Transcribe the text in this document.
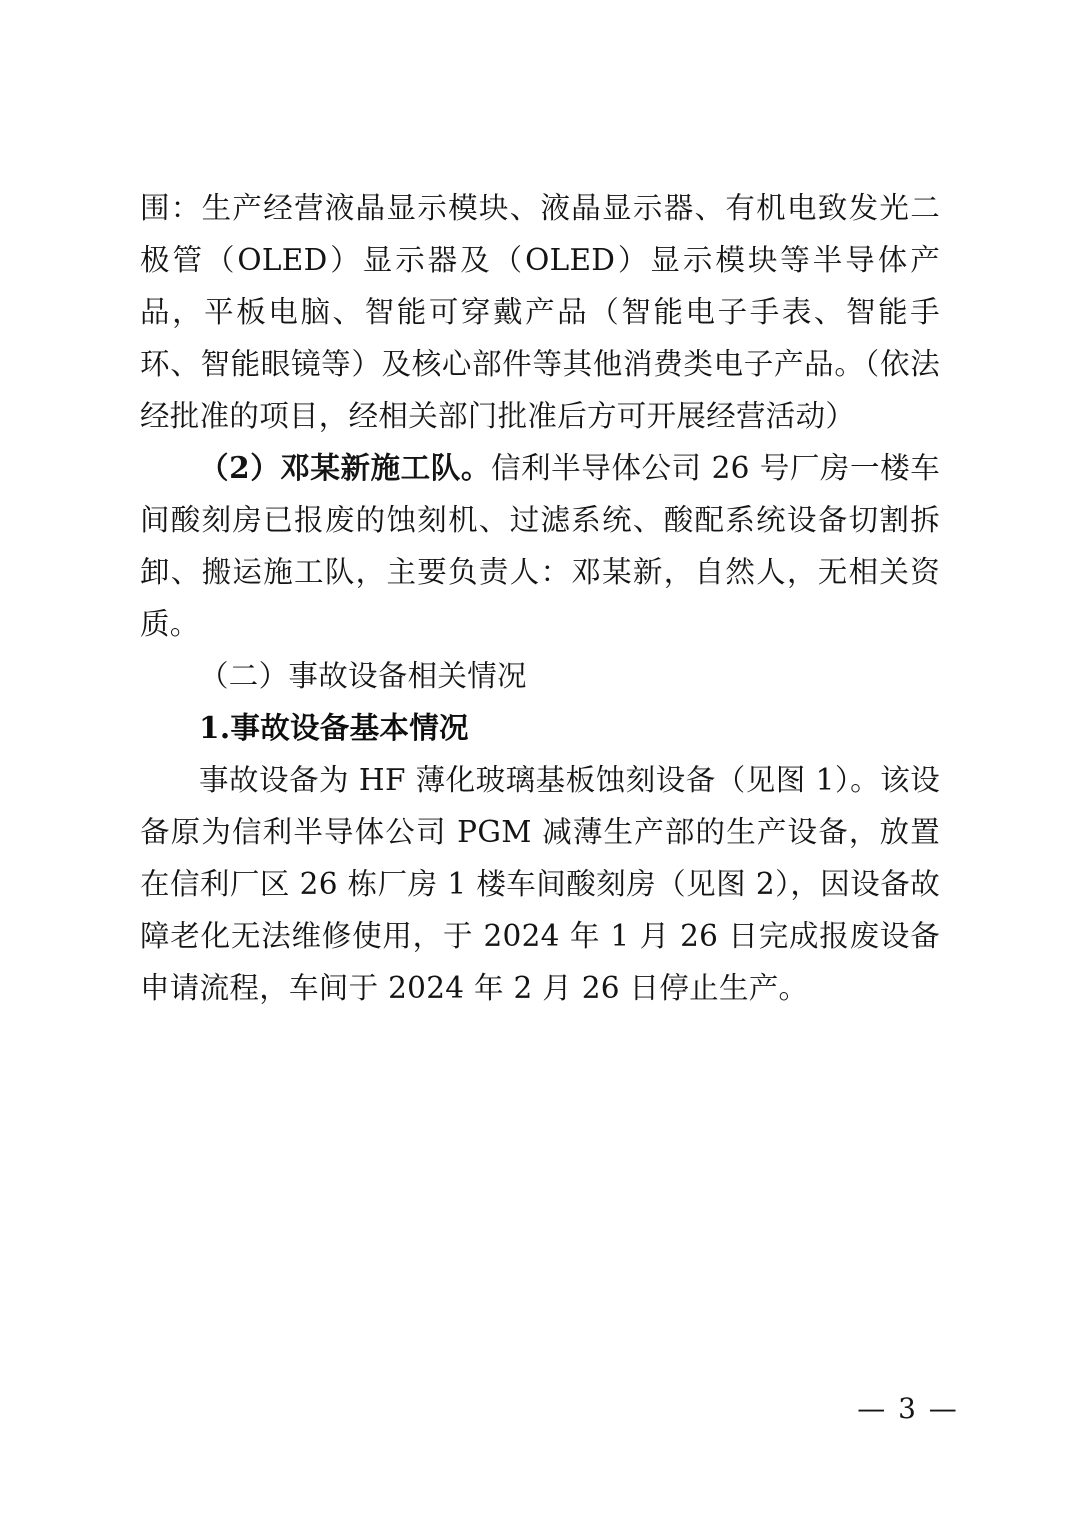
围：生产经营液晶显示模块、液晶显示器、有机电致发光二极管（OLED）显示器及（OLED）显示模块等半导体产品，平板电脑、智能可穿戴产品（智能电子手表、智能手环、智能眼镜等）及核心部件等其他消费类电子产品。（依法经批准的项目，经相关部门批准后方可开展经营活动）

（2）邓某新施工队。信利半导体公司 26 号厂房一楼车间酸刻房已报废的蚀刻机、过滤系统、酸配系统设备切割拆卸、搬运施工队，主要负责人：邓某新，自然人，无相关资质。

（二）事故设备相关情况

1.事故设备基本情况

事故设备为 HF 薄化玻璃基板蚀刻设备（见图 1）。该设备原为信利半导体公司 PGM 减薄生产部的生产设备，放置在信利厂区 26 栋厂房 1 楼车间酸刻房（见图 2），因设备故障老化无法维修使用，于 2024 年 1 月 26 日完成报废设备申请流程，车间于 2024 年 2 月 26 日停止生产。

— 3 —
